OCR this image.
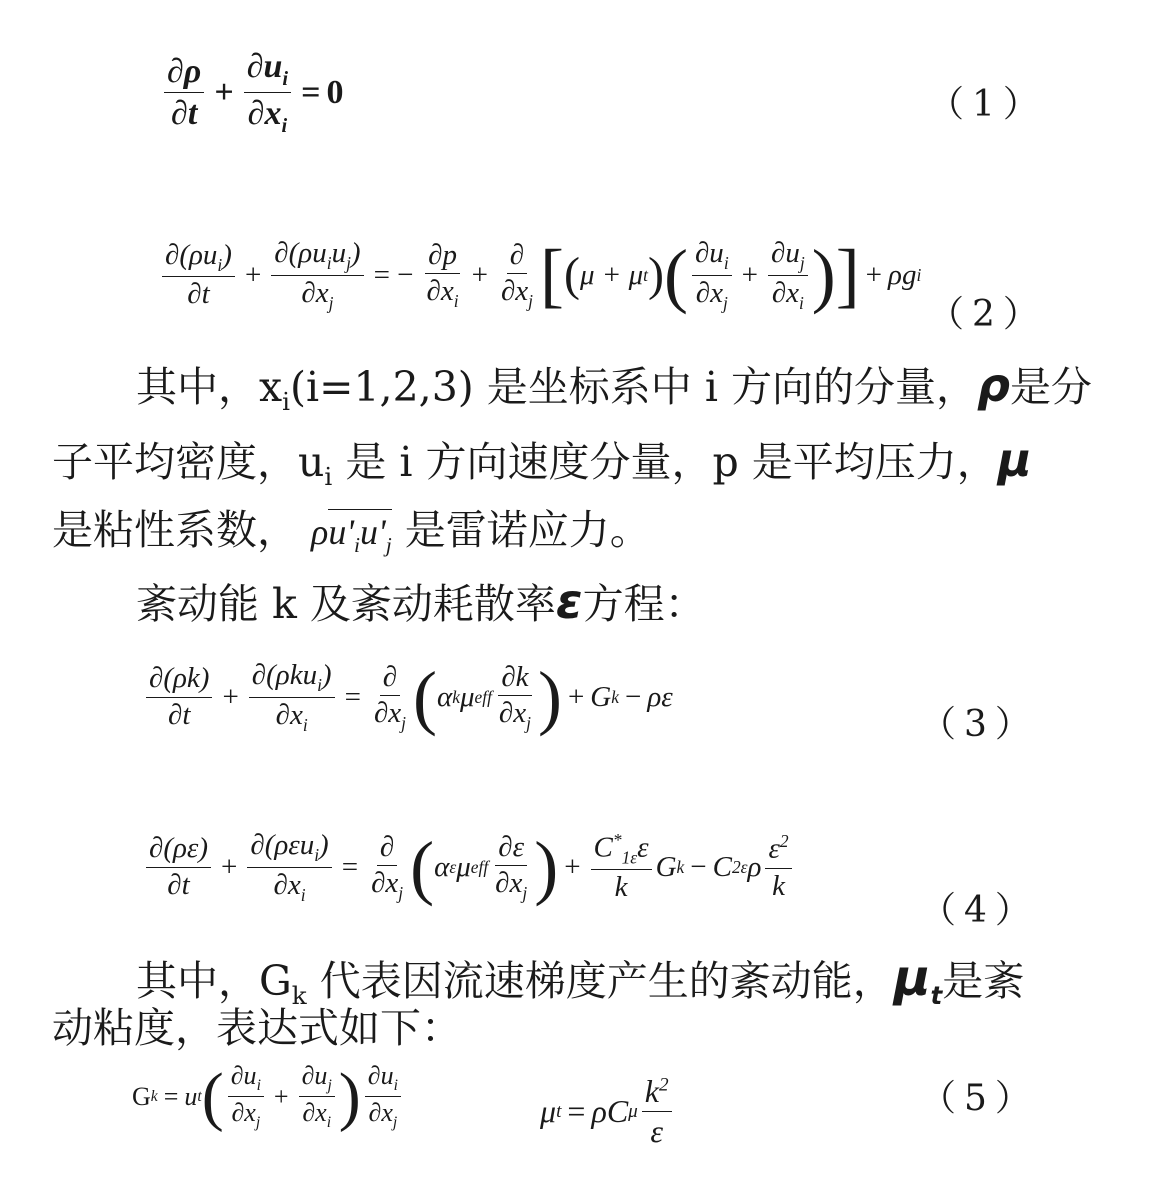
$\frac{\partial\rho}{\partial t} + \frac{\partial u_i}{\partial x_i} = 0$	（1）
$\frac{\partial(\rho u_i)}{\partial t} + \frac{\partial(\rho u_iu_j)}{\partial x_j}$ = − $\frac{\partial p}{\partial x_i} + \frac{\partial}{\partial x_j}$ [ ( μ + μ t ) ( $\frac{\partial u_i}{\partial x_j} + \frac{\partial u_j}{\partial x_i}$ ) ] + ρg i
（2）
其中，$x_i(i=1,2,3)$ 是坐标系中 i 方向的分量，ρ是分
子平均密度，$u_i$ 是 i 方向速度分量，p 是平均压力，μ
是粘性系数， $\rho u'_iu'_j$ 是雷诺应力。
紊动能 k 及紊动耗散率ε方程：
$\frac{\partial(\rho k)}{\partial t} + \frac{\partial(\rho ku_i)}{\partial x_i} = \frac{\partial}{\partial x_j}$ ( α k μ eff $\frac{\partial k}{\partial x_j}$ ) + G k − ρε
（3）
$\frac{\partial(\rho\varepsilon)}{\partial t} + \frac{\partial(\rho\varepsilon u_i)}{\partial x_i} = \frac{\partial}{\partial x_j}$ ( α ε μ eff $\frac{\partial\varepsilon}{\partial x_j}$ ) + $\frac{C^*_{1\varepsilon}\varepsilon}{k}$ G k − C 2ε ρ $\frac{\varepsilon^2}{k}$
（4）
其中，$G_k$ 代表因流速梯度产生的紊动能，$\mu_t$是紊
动粘度，表达式如下：
G k = u t ( $\frac{\partial u_i}{\partial x_j} + \frac{\partial u_j}{\partial x_i}$ ) $\frac{\partial u_i}{\partial x_j}$	μ t = ρC μ $\frac{k^2}{\varepsilon}$	（5）
